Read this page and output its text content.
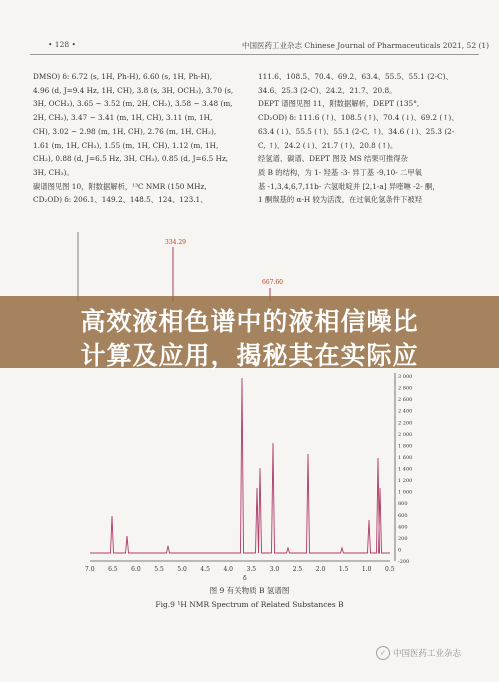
• 128 •	中国医药工业杂志 Chinese Journal of Pharmaceuticals 2021, 52 (1)

DMSO) δ: 6.72 (s, 1H, Ph-H), 6.60 (s, 1H, Ph-H),

4.96 (d, J=9.4 Hz, 1H, CH), 3.8 (s, 3H, OCH₃), 3.70 (s,

3H, OCH₃), 3.65 ~ 3.52 (m, 2H, CH₂), 3.58 ~ 3.48 (m,

2H, CH₂), 3.47 ~ 3.41 (m, 1H, CH), 3.11 (m, 1H,

CH), 3.02 ~ 2.98 (m, 1H, CH), 2.76 (m, 1H, CH₂),

1.61 (m, 1H, CH₂), 1.55 (m, 1H, CH), 1.12 (m, 1H,

CH₂), 0.88 (d, J=6.5 Hz, 3H, CH₃), 0.85 (d, J=6.5 Hz,

3H, CH₃)。

碳谱图见图 10，附数据解析，¹³C NMR (150 MHz,

CD₂OD) δ: 206.1、149.2、148.5、124、123.1、

111.6、108.5、70.4、69.2、63.4、55.5、55.1 (2-C)、

34.6、25.3 (2-C)、24.2、21.7、20.8。

DEPT 谱图见图 11，附数据解析，DEPT (135°,

CD₂OD) δ: 111.6 (↑)、108.5 (↑)、70.4 (↓)、69.2 (↑)、

63.4 (↓)、55.5 (↑)、55.1 (2-C, ↑)、34.6 (↓)、25.3 (2-

C, ↑)、24.2 (↓)、21.7 (↑)、20.8 (↑)。

经氢谱、碳谱、DEPT 图及 MS 结果可推得杂

质 B 的结构，为 1- 羟基 -3- 异丁基 -9,10- 二甲氧

基 -1,3,4,6,7,11b- 六氢吡啶并 [2,1-a] 异喹啉 -2- 酮，

1 酮羰基的 α-H 较为活泼，在过氧化氢条件下被羟

334.29
667.60
高效液相色谱中的液相信噪比
计算及应用，揭秘其在实际应
3 000
2 800
2 600
2 400
2 200
2 000
1 800
1 600
1 400
1 200
1 000
800
600
400
200
0
-200
7.0 6.5 6.0 5.5 5.0 4.5 4.0 3.5 3.0 2.5 2.0 1.5 1.0 0.5
δ
图 9 有关物质 B 氢谱图
Fig.9 ¹H NMR Spectrum of Related Substances B
✓ 中国医药工业杂志
